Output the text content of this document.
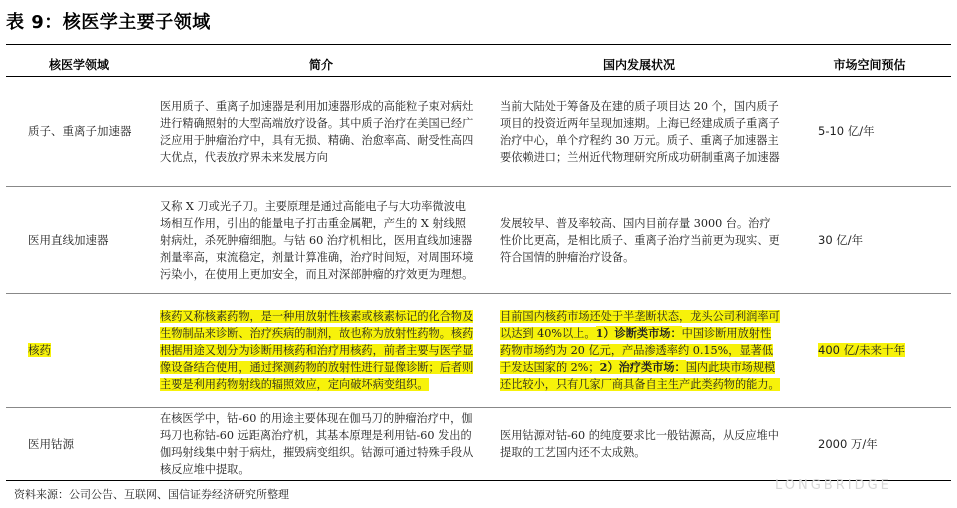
表 9：核医学主要子领域
核医学领域	简介	国内发展状况	市场空间预估
质子、重离子加速器	医用质子、重离子加速器是利用加速器形成的高能粒子束对病灶进行精确照射的大型高端放疗设备。其中质子治疗在美国已经广泛应用于肿瘤治疗中，具有无损、精确、治愈率高、耐受性高四大优点，代表放疗界未来发展方向	当前大陆处于筹备及在建的质子项目达 20 个，国内质子项目的投资近两年呈现加速期。上海已经建成质子重离子治疗中心，单个疗程约 30 万元。质子、重离子加速器主要依赖进口；兰州近代物理研究所成功研制重离子加速器	5-10 亿/年
医用直线加速器	又称 X 刀或光子刀。主要原理是通过高能电子与大功率微波电场相互作用，引出的能量电子打击重金属靶，产生的 X 射线照射病灶，杀死肿瘤细胞。与钴 60 治疗机相比，医用直线加速器剂量率高，束流稳定，剂量计算准确，治疗时间短，对周围环境污染小，在使用上更加安全，而且对深部肿瘤的疗效更为理想。	发展较早、普及率较高、国内目前存量 3000 台。治疗性价比更高，是相比质子、重离子治疗当前更为现实、更符合国情的肿瘤治疗设备。	30 亿/年
核药	核药又称核素药物，是一种用放射性核素或核素标记的化合物及生物制品来诊断、治疗疾病的制剂，故也称为放射性药物。核药根据用途又划分为诊断用核药和治疗用核药，前者主要与医学显像设备结合使用，通过探测药物的放射性进行显像诊断；后者则主要是利用药物射线的辐照效应，定向破坏病变组织。	目前国内核药市场还处于半垄断状态，龙头公司利润率可以达到 40%以上。1）诊断类市场：中国诊断用放射性药物市场约为 20 亿元，产品渗透率约 0.15%，显著低于发达国家的 2%；2）治疗类市场：国内此块市场规模还比较小，只有几家厂商具备自主生产此类药物的能力。	400 亿/未来十年
医用钴源	在核医学中，钴-60 的用途主要体现在伽马刀的肿瘤治疗中，伽玛刀也称钴-60 远距离治疗机，其基本原理是利用钴-60 发出的伽玛射线集中射于病灶，摧毁病变组织。钴源可通过特殊手段从核反应堆中提取。	医用钴源对钴-60 的纯度要求比一般钴源高，从反应堆中提取的工艺国内还不太成熟。	2000 万/年
LONGBRIDGE
资料来源：公司公告、互联网、国信证券经济研究所整理
